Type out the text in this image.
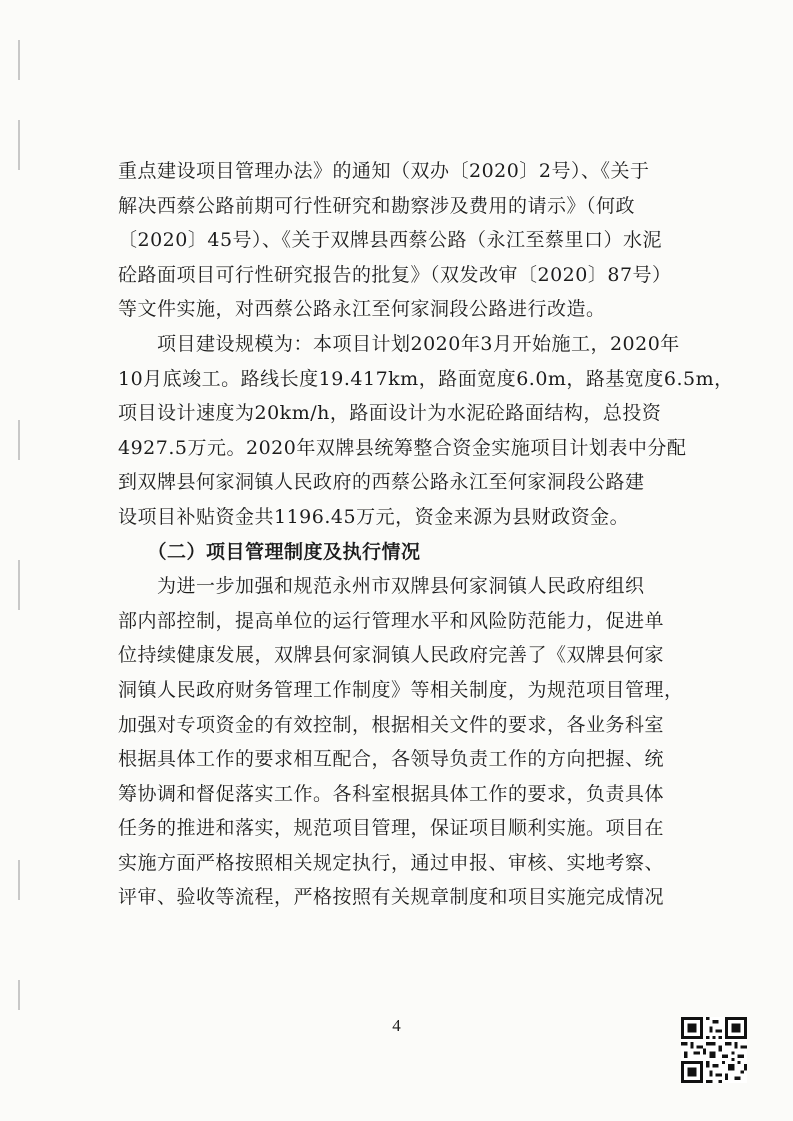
重点建设项目管理办法》的通知（双办〔2020〕2号）、《关于
解决西蔡公路前期可行性研究和勘察涉及费用的请示》（何政
〔2020〕45号）、《关于双牌县西蔡公路（永江至蔡里口）水泥
砼路面项目可行性研究报告的批复》（双发改审〔2020〕87号）
等文件实施，对西蔡公路永江至何家洞段公路进行改造。
　　项目建设规模为：本项目计划2020年3月开始施工，2020年
10月底竣工。路线长度19.417km，路面宽度6.0m，路基宽度6.5m，
项目设计速度为20km/h，路面设计为水泥砼路面结构，总投资
4927.5万元。2020年双牌县统筹整合资金实施项目计划表中分配
到双牌县何家洞镇人民政府的西蔡公路永江至何家洞段公路建
设项目补贴资金共1196.45万元，资金来源为县财政资金。
　　（二）项目管理制度及执行情况
　　为进一步加强和规范永州市双牌县何家洞镇人民政府组织
部内部控制，提高单位的运行管理水平和风险防范能力，促进单
位持续健康发展，双牌县何家洞镇人民政府完善了《双牌县何家
洞镇人民政府财务管理工作制度》等相关制度，为规范项目管理，
加强对专项资金的有效控制，根据相关文件的要求，各业务科室
根据具体工作的要求相互配合，各领导负责工作的方向把握、统
筹协调和督促落实工作。各科室根据具体工作的要求，负责具体
任务的推进和落实，规范项目管理，保证项目顺利实施。项目在
实施方面严格按照相关规定执行，通过申报、审核、实地考察、
评审、验收等流程，严格按照有关规章制度和项目实施完成情况
4
